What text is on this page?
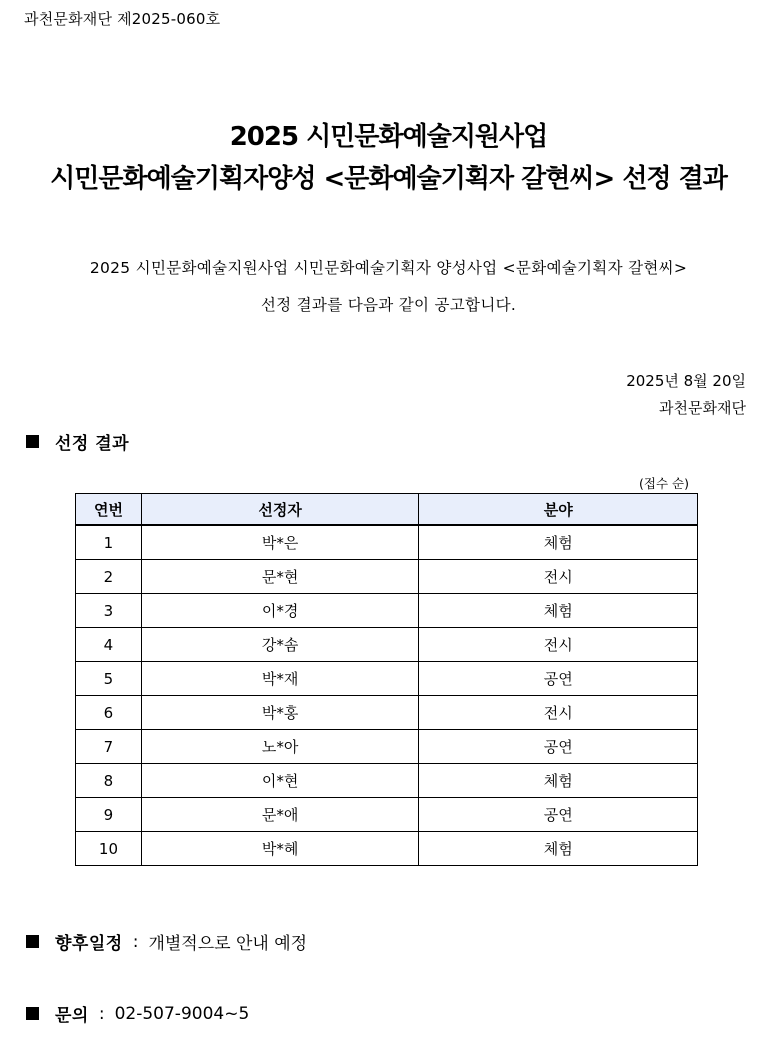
과천문화재단 제2025-060호
2025 시민문화예술지원사업
시민문화예술기획자양성 <문화예술기획자 갈현씨> 선정 결과
2025 시민문화예술지원사업 시민문화예술기획자 양성사업 <문화예술기획자 갈현씨>
선정 결과를 다음과 같이 공고합니다.
2025년 8월 20일
과천문화재단
선정 결과
(접수 순)
연번	선정자	분야
1	박*은	체험
2	문*현	전시
3	이*경	체험
4	강*솜	전시
5	박*재	공연
6	박*홍	전시
7	노*아	공연
8	이*현	체험
9	문*애	공연
10	박*혜	체험
향후일정 : 개별적으로 안내 예정
문의 : 02-507-9004~5
